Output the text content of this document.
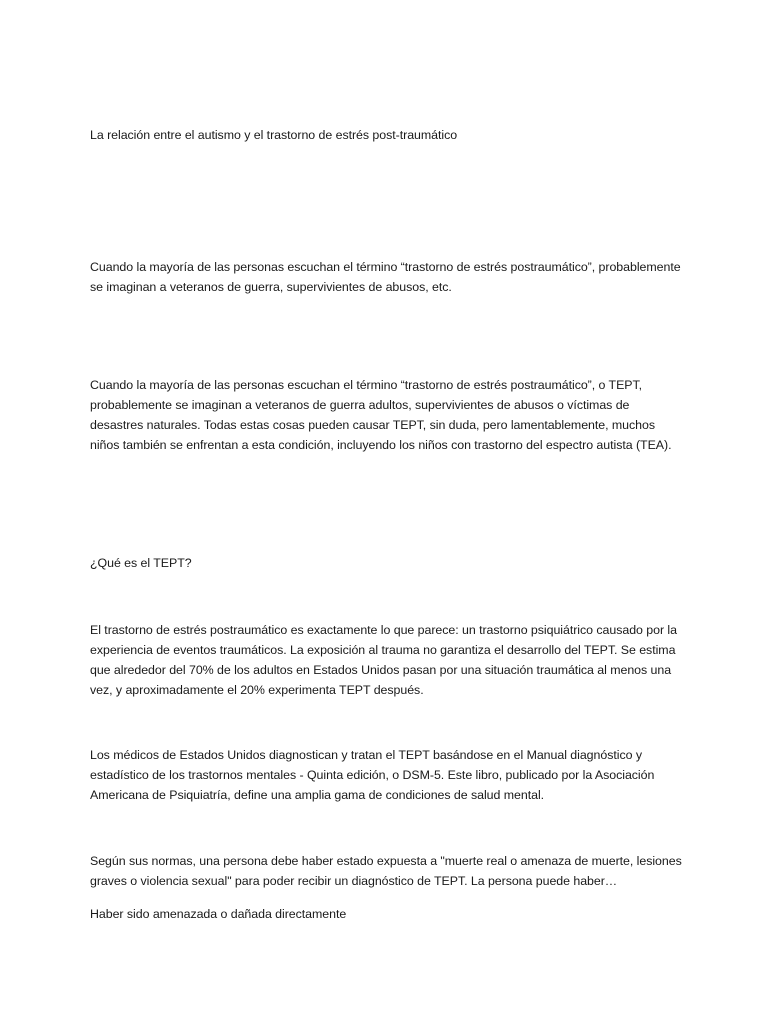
La relación entre el autismo y el trastorno de estrés post-traumático

Cuando la mayoría de las personas escuchan el término “trastorno de estrés postraumático”, probablemente se imaginan a veteranos de guerra, supervivientes de abusos, etc.

Cuando la mayoría de las personas escuchan el término “trastorno de estrés postraumático”, o TEPT, probablemente se imaginan a veteranos de guerra adultos, supervivientes de abusos o víctimas de desastres naturales. Todas estas cosas pueden causar TEPT, sin duda, pero lamentablemente, muchos niños también se enfrentan a esta condición, incluyendo los niños con trastorno del espectro autista (TEA).

¿Qué es el TEPT?

El trastorno de estrés postraumático es exactamente lo que parece: un trastorno psiquiátrico causado por la experiencia de eventos traumáticos. La exposición al trauma no garantiza el desarrollo del TEPT. Se estima que alrededor del 70% de los adultos en Estados Unidos pasan por una situación traumática al menos una vez, y aproximadamente el 20% experimenta TEPT después.

Los médicos de Estados Unidos diagnostican y tratan el TEPT basándose en el Manual diagnóstico y estadístico de los trastornos mentales - Quinta edición, o DSM-5. Este libro, publicado por la Asociación Americana de Psiquiatría, define una amplia gama de condiciones de salud mental.

Según sus normas, una persona debe haber estado expuesta a "muerte real o amenaza de muerte, lesiones graves o violencia sexual" para poder recibir un diagnóstico de TEPT. La persona puede haber…

Haber sido amenazada o dañada directamente
